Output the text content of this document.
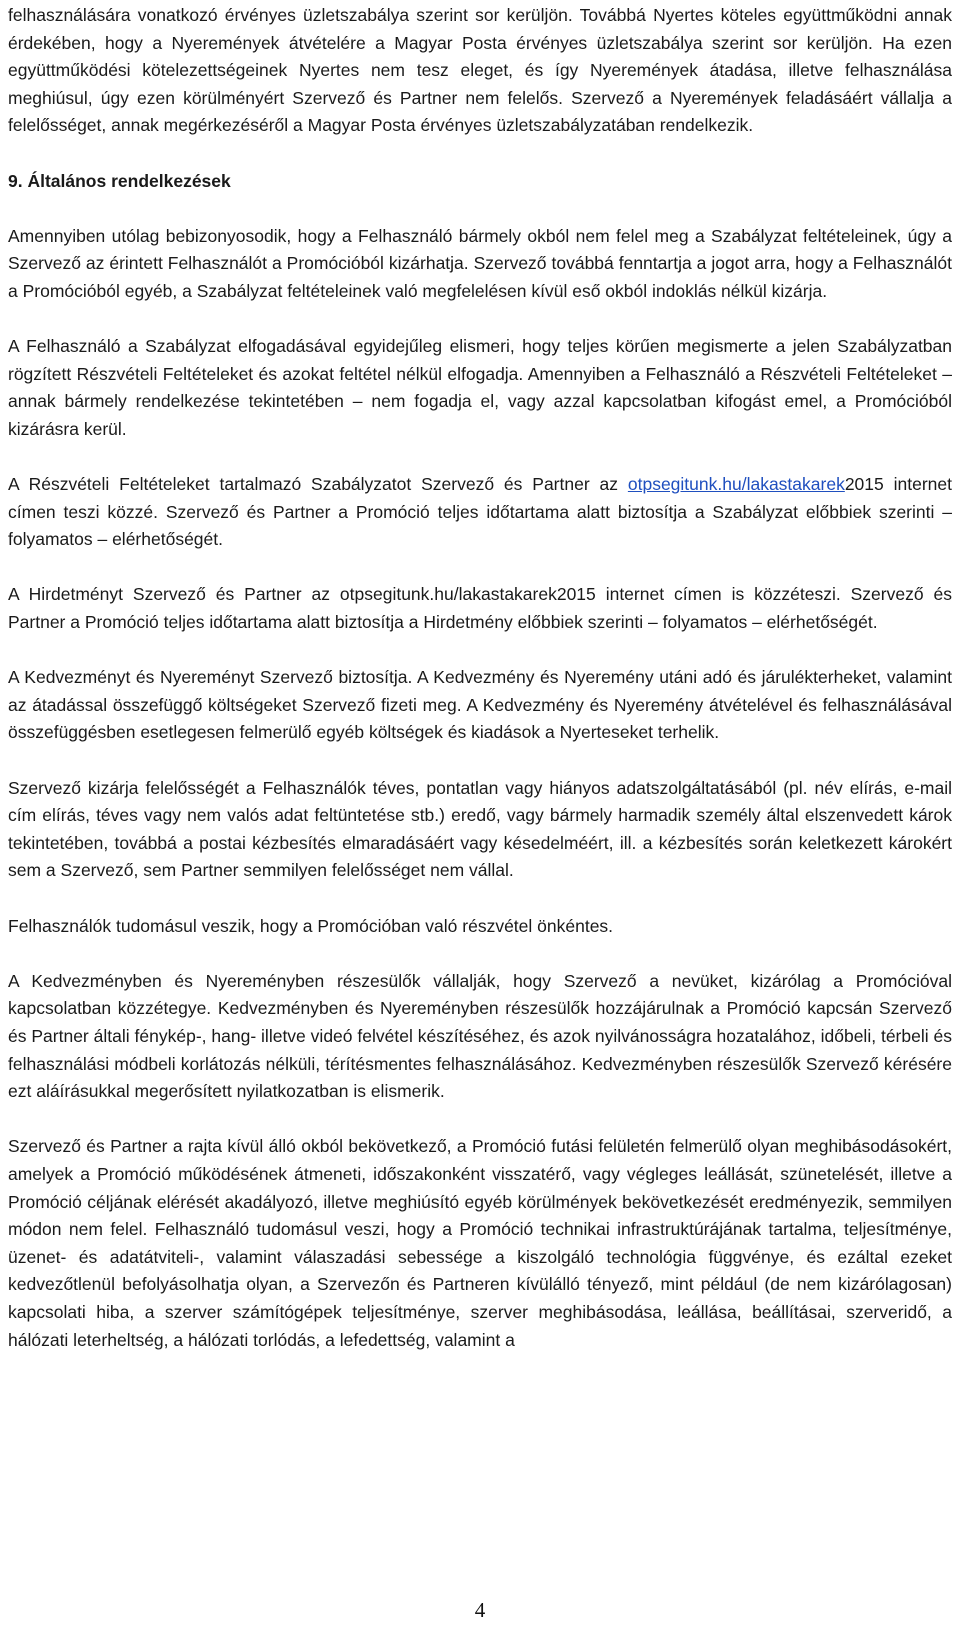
felhasználására vonatkozó érvényes üzletszabálya szerint sor kerüljön. Továbbá Nyertes köteles együttműködni annak érdekében, hogy a Nyeremények átvételére a Magyar Posta érvényes üzletszabálya szerint sor kerüljön. Ha ezen együttműködési kötelezettségeinek Nyertes nem tesz eleget, és így Nyeremények átadása, illetve felhasználása meghiúsul, úgy ezen körülményért Szervező és Partner nem felelős. Szervező a Nyeremények feladásáért vállalja a felelősséget, annak megérkezéséről a Magyar Posta érvényes üzletszabályzatában rendelkezik.

9. Általános rendelkezések

Amennyiben utólag bebizonyosodik, hogy a Felhasználó bármely okból nem felel meg a Szabályzat feltételeinek, úgy a Szervező az érintett Felhasználót a Promócióból kizárhatja. Szervező továbbá fenntartja a jogot arra, hogy a Felhasználót a Promócióból egyéb, a Szabályzat feltételeinek való megfelelésen kívül eső okból indoklás nélkül kizárja.

A Felhasználó a Szabályzat elfogadásával egyidejűleg elismeri, hogy teljes körűen megismerte a jelen Szabályzatban rögzített Részvételi Feltételeket és azokat feltétel nélkül elfogadja. Amennyiben a Felhasználó a Részvételi Feltételeket – annak bármely rendelkezése tekintetében – nem fogadja el, vagy azzal kapcsolatban kifogást emel, a Promócióból kizárásra kerül.

A Részvételi Feltételeket tartalmazó Szabályzatot Szervező és Partner az otpsegitunk.hu/lakastakarek2015 internet címen teszi közzé. Szervező és Partner a Promóció teljes időtartama alatt biztosítja a Szabályzat előbbiek szerinti – folyamatos – elérhetőségét.

A Hirdetményt Szervező és Partner az otpsegitunk.hu/lakastakarek2015 internet címen is közzéteszi. Szervező és Partner a Promóció teljes időtartama alatt biztosítja a Hirdetmény előbbiek szerinti – folyamatos – elérhetőségét.

A Kedvezményt és Nyereményt Szervező biztosítja. A Kedvezmény és Nyeremény utáni adó és járulékterheket, valamint az átadással összefüggő költségeket Szervező fizeti meg. A Kedvezmény és Nyeremény átvételével és felhasználásával összefüggésben esetlegesen felmerülő egyéb költségek és kiadások a Nyerteseket terhelik.

Szervező kizárja felelősségét a Felhasználók téves, pontatlan vagy hiányos adatszolgáltatásából (pl. név elírás, e-mail cím elírás, téves vagy nem valós adat feltüntetése stb.) eredő, vagy bármely harmadik személy által elszenvedett károk tekintetében, továbbá a postai kézbesítés elmaradásáért vagy késedelméért, ill. a kézbesítés során keletkezett károkért sem a Szervező, sem Partner semmilyen felelősséget nem vállal.

Felhasználók tudomásul veszik, hogy a Promócióban való részvétel önkéntes.

A Kedvezményben és Nyereményben részesülők vállalják, hogy Szervező a nevüket, kizárólag a Promócióval kapcsolatban közzétegye. Kedvezményben és Nyereményben részesülők hozzájárulnak a Promóció kapcsán Szervező és Partner általi fénykép-, hang- illetve videó felvétel készítéséhez, és azok nyilvánosságra hozatalához, időbeli, térbeli és felhasználási módbeli korlátozás nélküli, térítésmentes felhasználásához. Kedvezményben részesülők Szervező kérésére ezt aláírásukkal megerősített nyilatkozatban is elismerik.

Szervező és Partner a rajta kívül álló okból bekövetkező, a Promóció futási felületén felmerülő olyan meghibásodásokért, amelyek a Promóció működésének átmeneti, időszakonként visszatérő, vagy végleges leállását, szünetelését, illetve a Promóció céljának elérését akadályozó, illetve meghiúsító egyéb körülmények bekövetkezését eredményezik, semmilyen módon nem felel. Felhasználó tudomásul veszi, hogy a Promóció technikai infrastruktúrájának tartalma, teljesítménye, üzenet- és adatátviteli-, valamint válaszadási sebessége a kiszolgáló technológia függvénye, és ezáltal ezeket kedvezőtlenül befolyásolhatja olyan, a Szervezőn és Partneren kívülálló tényező, mint például (de nem kizárólagosan) kapcsolati hiba, a szerver számítógépek teljesítménye, szerver meghibásodása, leállása, beállításai, szerveridő, a hálózati leterheltség, a hálózati torlódás, a lefedettség, valamint a

4
